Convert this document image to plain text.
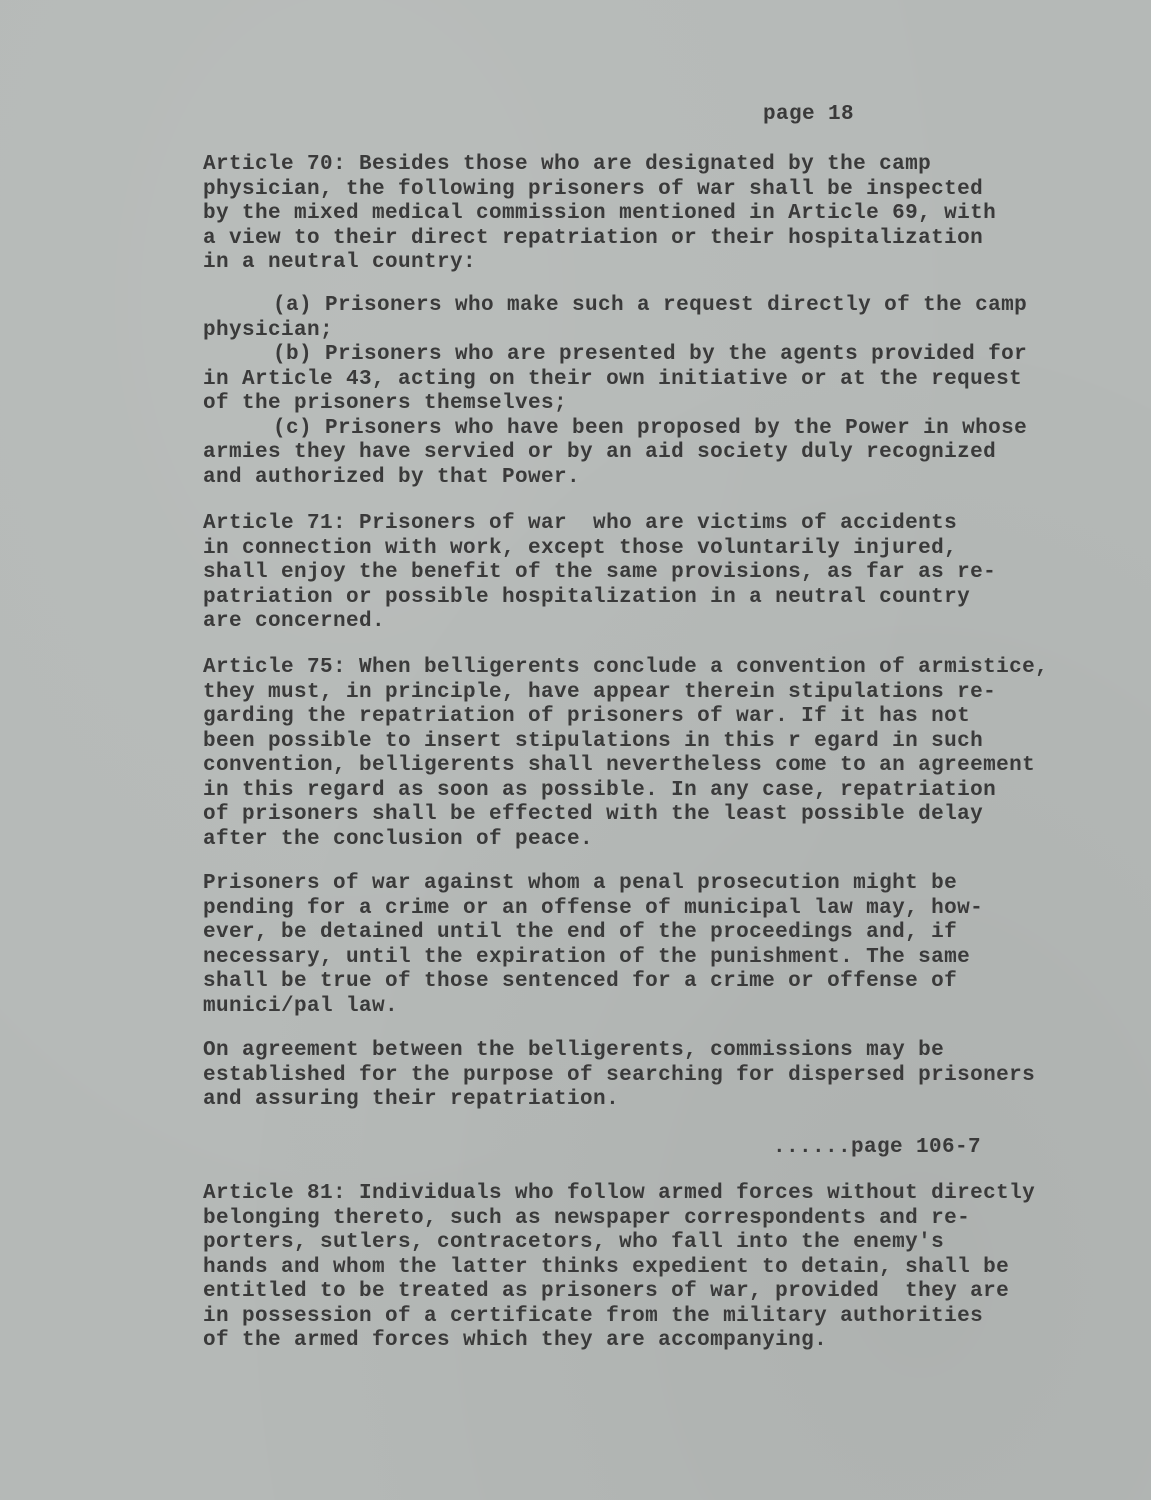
page 18

Article 70: Besides those who are designated by the camp
physician, the following prisoners of war shall be inspected
by the mixed medical commission mentioned in Article 69, with
a view to their direct repatriation or their hospitalization
in a neutral country:
(a) Prisoners who make such a request directly of the camp
physician;
(b) Prisoners who are presented by the agents provided for
in Article 43, acting on their own initiative or at the request
of the prisoners themselves;
(c) Prisoners who have been proposed by the Power in whose
armies they have servied or by an aid society duly recognized
and authorized by that Power.
Article 71: Prisoners of war  who are victims of accidents
in connection with work, except those voluntarily injured,
shall enjoy the benefit of the same provisions, as far as re-
patriation or possible hospitalization in a neutral country
are concerned.
Article 75: When belligerents conclude a convention of armistice,
they must, in principle, have appear therein stipulations re-
garding the repatriation of prisoners of war. If it has not
been possible to insert stipulations in this r egard in such
convention, belligerents shall nevertheless come to an agreement
in this regard as soon as possible. In any case, repatriation
of prisoners shall be effected with the least possible delay
after the conclusion of peace.
Prisoners of war against whom a penal prosecution might be
pending for a crime or an offense of municipal law may, how-
ever, be detained until the end of the proceedings and, if
necessary, until the expiration of the punishment. The same
shall be true of those sentenced for a crime or offense of
munici/pal law.
On agreement between the belligerents, commissions may be
established for the purpose of searching for dispersed prisoners
and assuring their repatriation.

......page 106-7

Article 81: Individuals who follow armed forces without directly
belonging thereto, such as newspaper correspondents and re-
porters, sutlers, contracetors, who fall into the enemy's
hands and whom the latter thinks expedient to detain, shall be
entitled to be treated as prisoners of war, provided  they are
in possession of a certificate from the military authorities
of the armed forces which they are accompanying.
